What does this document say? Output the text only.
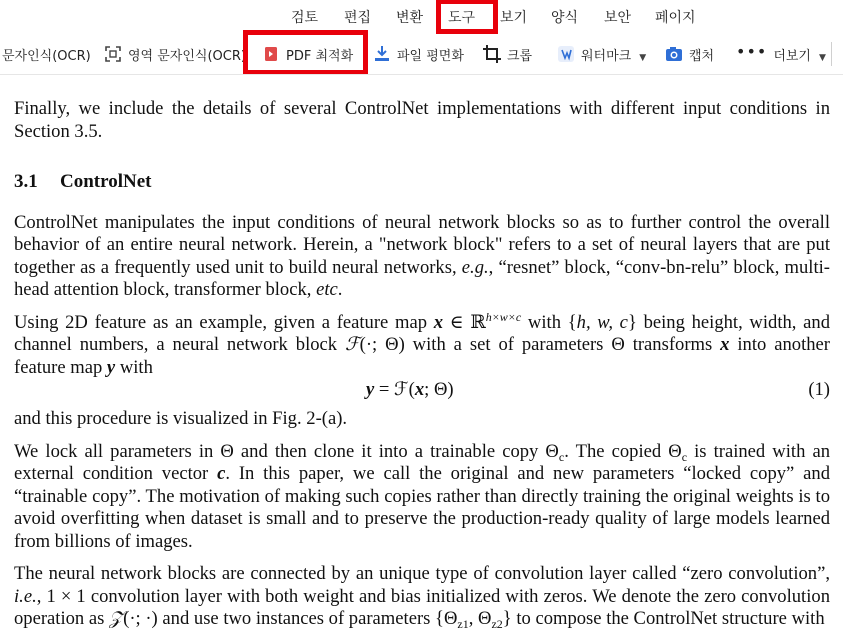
검토 편집 변환 도구 보기 양식 보안 페이지
문자인식(OCR)	영역 문자인식(OCR)	PDF 최적화	파일 평면화	크롭	워터마크 ▼	캡처 ••• 더보기 ▼

Finally, we include the details of several ControlNet implementations with different input conditions in Section 3.5.

3.1 ControlNet

ControlNet manipulates the input conditions of neural network blocks so as to further control the overall behavior of an entire neural network. Herein, a "network block" refers to a set of neural layers that are put together as a frequently used unit to build neural networks, e.g., “resnet” block, “conv-bn-relu” block, multi-head attention block, transformer block, etc.

Using 2D feature as an example, given a feature map x ∈ ℝ$^{h\times w\times c}$ with {h, w, c} being height, width, and channel numbers, a neural network block ℱ(·; Θ) with a set of parameters Θ transforms x into another feature map y with

y = ℱ(x; Θ)	(1)

and this procedure is visualized in Fig. 2-(a).

We lock all parameters in Θ and then clone it into a trainable copy $\Theta_c$. The copied $\Theta_c$ is trained with an external condition vector c. In this paper, we call the original and new parameters “locked copy” and “trainable copy”. The motivation of making such copies rather than directly training the original weights is to avoid overfitting when dataset is small and to preserve the production-ready quality of large models learned from billions of images.

The neural network blocks are connected by an unique type of convolution layer called “zero convolution”, i.e., 1 × 1 convolution layer with both weight and bias initialized with zeros. We denote the zero convolution operation as 𝒵(·; ·) and use two instances of parameters {$\Theta_{z1}$, $\Theta_{z2}$} to compose the ControlNet structure with
